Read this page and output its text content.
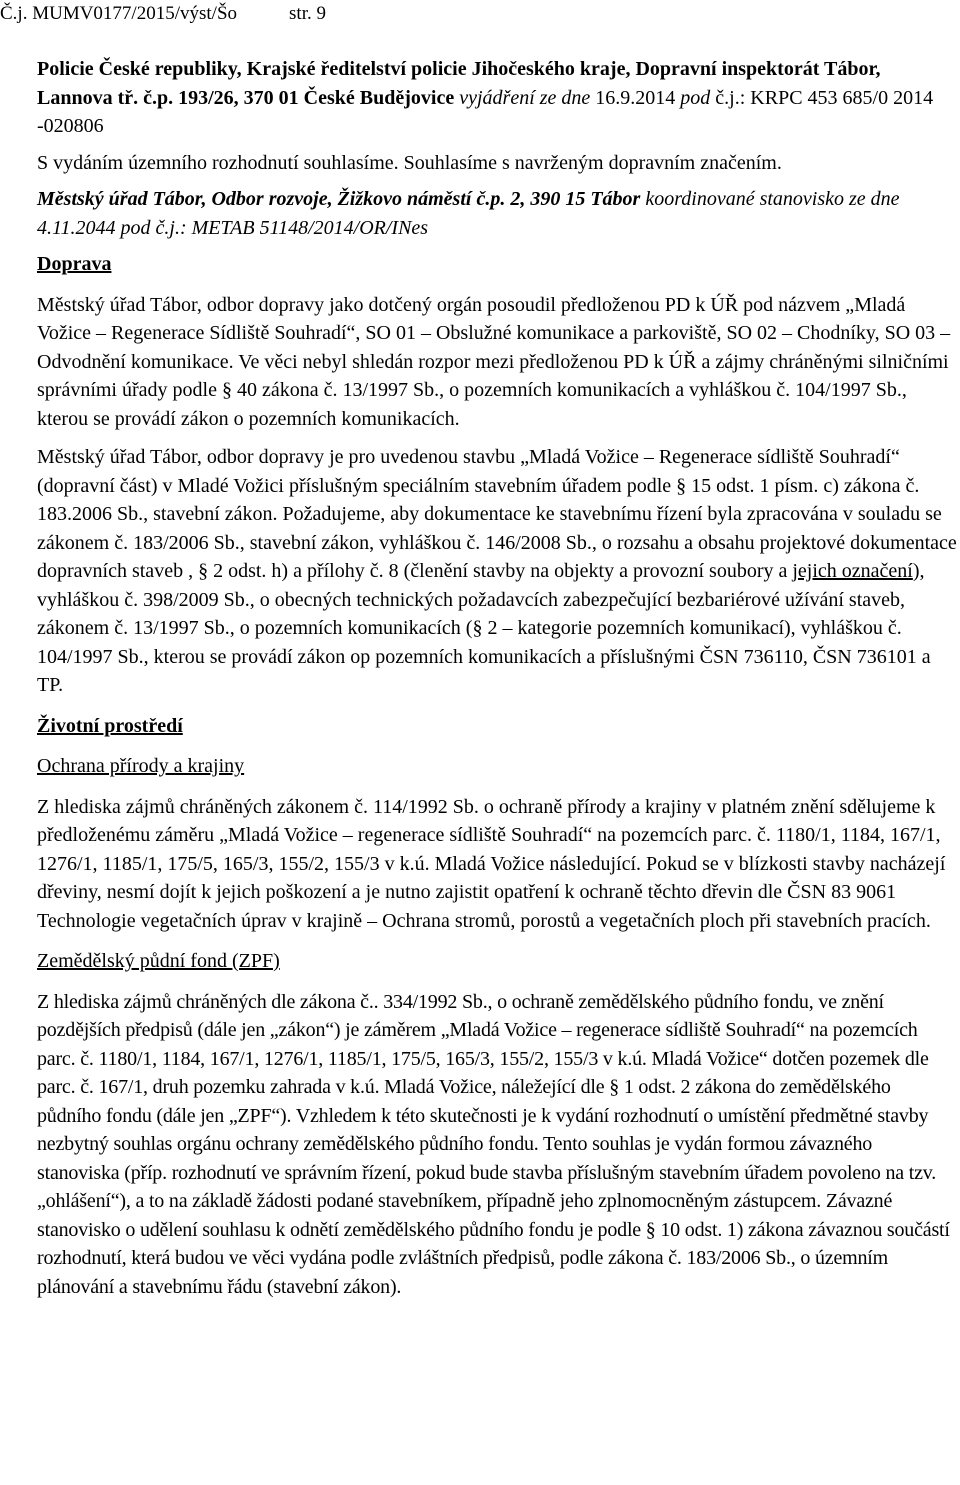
Č.j. MUMV0177/2015/výst/Šo	str. 9

Policie České republiky, Krajské ředitelství policie Jihočeského kraje, Dopravní inspektorát Tábor, Lannova tř. č.p. 193/26, 370 01 České Budějovice vyjádření ze dne 16.9.2014 pod č.j.: KRPC 453 685/0 2014 -020806

S vydáním územního rozhodnutí souhlasíme. Souhlasíme s navrženým dopravním značením.

Městský úřad Tábor, Odbor rozvoje, Žižkovo náměstí č.p. 2, 390 15 Tábor koordinované stanovisko ze dne 4.11.2044 pod č.j.: METAB 51148/2014/OR/INes

Doprava

Městský úřad Tábor, odbor dopravy jako dotčený orgán posoudil předloženou PD k ÚŘ pod názvem „Mladá Vožice – Regenerace Sídliště Souhradí“, SO 01 – Obslužné komunikace a parkoviště, SO 02 – Chodníky, SO 03 – Odvodnění komunikace. Ve věci nebyl shledán rozpor mezi předloženou PD k ÚŘ a zájmy chráněnými silničními správními úřady podle § 40 zákona č. 13/1997 Sb., o pozemních komunikacích a vyhláškou č. 104/1997 Sb., kterou se provádí zákon o pozemních komunikacích.

Městský úřad Tábor, odbor dopravy je pro uvedenou stavbu „Mladá Vožice – Regenerace sídliště Souhradí“ (dopravní část) v Mladé Vožici příslušným speciálním stavebním úřadem podle § 15 odst. 1 písm. c) zákona č. 183.2006 Sb., stavební zákon. Požadujeme, aby dokumentace ke stavebnímu řízení byla zpracována v souladu se zákonem č. 183/2006 Sb., stavební zákon, vyhláškou č. 146/2008 Sb., o rozsahu a obsahu projektové dokumentace dopravních staveb , § 2 odst. h) a přílohy č. 8 (členění stavby na objekty a provozní soubory a jejich označení), vyhláškou č. 398/2009 Sb., o obecných technických požadavcích zabezpečující bezbariérové užívání staveb, zákonem č. 13/1997 Sb., o pozemních komunikacích (§ 2 – kategorie pozemních komunikací), vyhláškou č. 104/1997 Sb., kterou se provádí zákon op pozemních komunikacích a příslušnými ČSN 736110, ČSN 736101 a TP.

Životní prostředí

Ochrana přírody a krajiny

Z hlediska zájmů chráněných zákonem č. 114/1992 Sb. o ochraně přírody a krajiny v platném znění sdělujeme k předloženému záměru „Mladá Vožice – regenerace sídliště Souhradí“ na pozemcích parc. č. 1180/1, 1184, 167/1, 1276/1, 1185/1, 175/5, 165/3, 155/2, 155/3 v k.ú. Mladá Vožice následující. Pokud se v blízkosti stavby nacházejí dřeviny, nesmí dojít k jejich poškození a je nutno zajistit opatření k ochraně těchto dřevin dle ČSN 83 9061 Technologie vegetačních úprav v krajině – Ochrana stromů, porostů a vegetačních ploch při stavebních pracích.

Zemědělský půdní fond (ZPF)

Z hlediska zájmů chráněných dle zákona č.. 334/1992 Sb., o ochraně zemědělského půdního fondu, ve znění pozdějších předpisů (dále jen „zákon“) je záměrem „Mladá Vožice – regenerace sídliště Souhradí“ na pozemcích parc. č. 1180/1, 1184, 167/1, 1276/1, 1185/1, 175/5, 165/3, 155/2, 155/3 v k.ú. Mladá Vožice“ dotčen pozemek dle parc. č. 167/1, druh pozemku zahrada v k.ú. Mladá Vožice, náležející dle § 1 odst. 2 zákona do zemědělského půdního fondu (dále jen „ZPF“). Vzhledem k této skutečnosti je k vydání rozhodnutí o umístění předmětné stavby nezbytný souhlas orgánu ochrany zemědělského půdního fondu. Tento souhlas je vydán formou závazného stanoviska (příp. rozhodnutí ve správním řízení, pokud bude stavba příslušným stavebním úřadem povoleno na tzv. „ohlášení“), a to na základě žádosti podané stavebníkem, případně jeho zplnomocněným zástupcem. Závazné stanovisko o udělení souhlasu k odnětí zemědělského půdního fondu je podle § 10 odst. 1) zákona závaznou součástí rozhodnutí, která budou ve věci vydána podle zvláštních předpisů, podle zákona č. 183/2006 Sb., o územním plánování a stavebnímu řádu (stavební zákon).
